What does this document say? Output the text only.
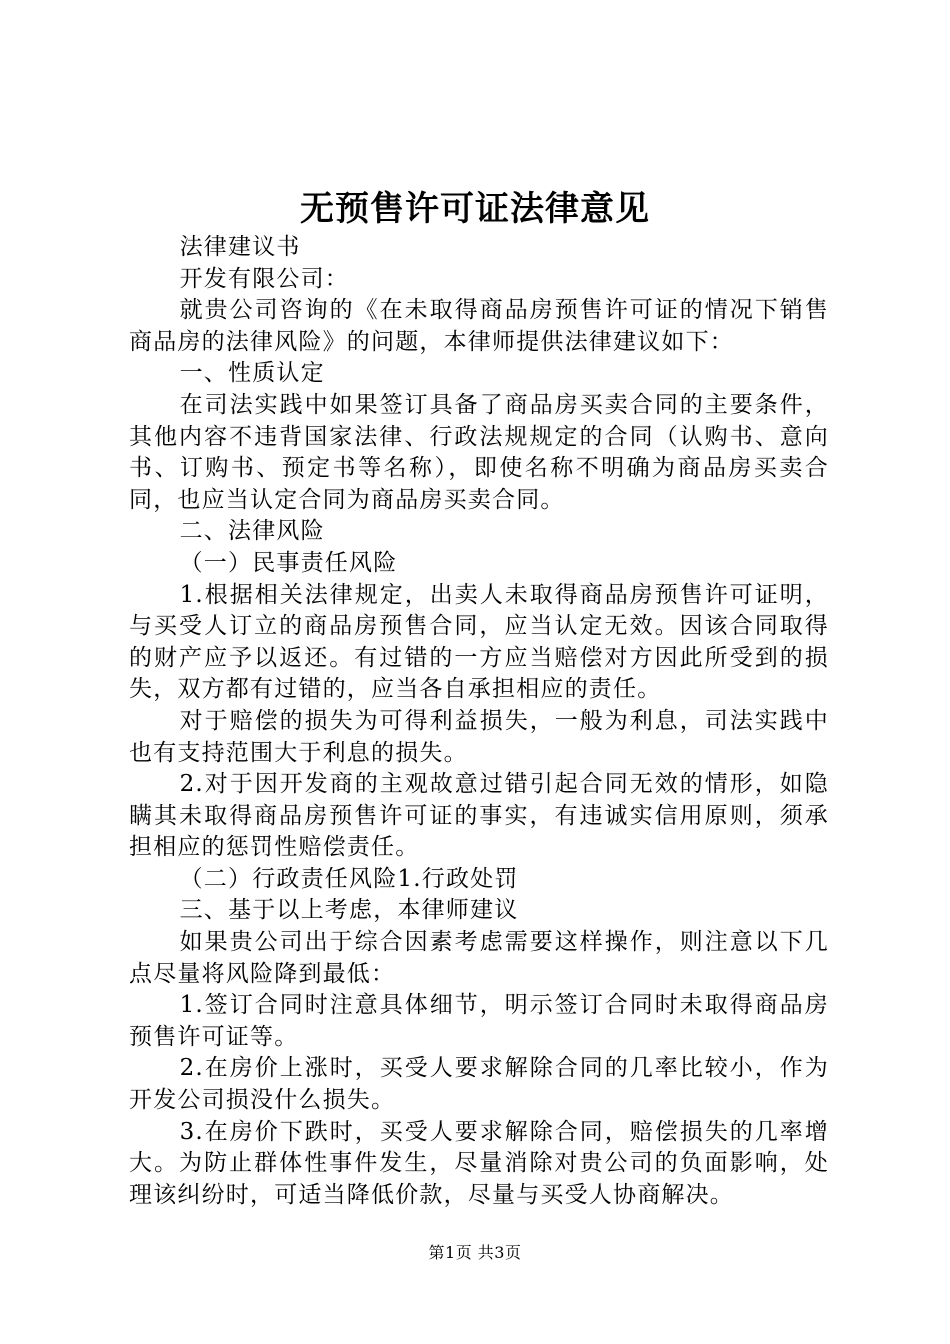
无预售许可证法律意见

法律建议书

开发有限公司：

就贵公司咨询的《在未取得商品房预售许可证的情况下销售商品房的法律风险》的问题，本律师提供法律建议如下：

一、性质认定

在司法实践中如果签订具备了商品房买卖合同的主要条件，其他内容不违背国家法律、行政法规规定的合同（认购书、意向书、订购书、预定书等名称），即使名称不明确为商品房买卖合同，也应当认定合同为商品房买卖合同。

二、法律风险

（一）民事责任风险

1.根据相关法律规定，出卖人未取得商品房预售许可证明，与买受人订立的商品房预售合同，应当认定无效。因该合同取得的财产应予以返还。有过错的一方应当赔偿对方因此所受到的损失，双方都有过错的，应当各自承担相应的责任。

对于赔偿的损失为可得利益损失，一般为利息，司法实践中也有支持范围大于利息的损失。

2.对于因开发商的主观故意过错引起合同无效的情形，如隐瞒其未取得商品房预售许可证的事实，有违诚实信用原则，须承担相应的惩罚性赔偿责任。

（二）行政责任风险1.行政处罚

三、基于以上考虑，本律师建议

如果贵公司出于综合因素考虑需要这样操作，则注意以下几点尽量将风险降到最低：

1.签订合同时注意具体细节，明示签订合同时未取得商品房预售许可证等。

2.在房价上涨时，买受人要求解除合同的几率比较小，作为开发公司损没什么损失。

3.在房价下跌时，买受人要求解除合同，赔偿损失的几率增大。为防止群体性事件发生，尽量消除对贵公司的负面影响，处理该纠纷时，可适当降低价款，尽量与买受人协商解决。

第1页 共3页
